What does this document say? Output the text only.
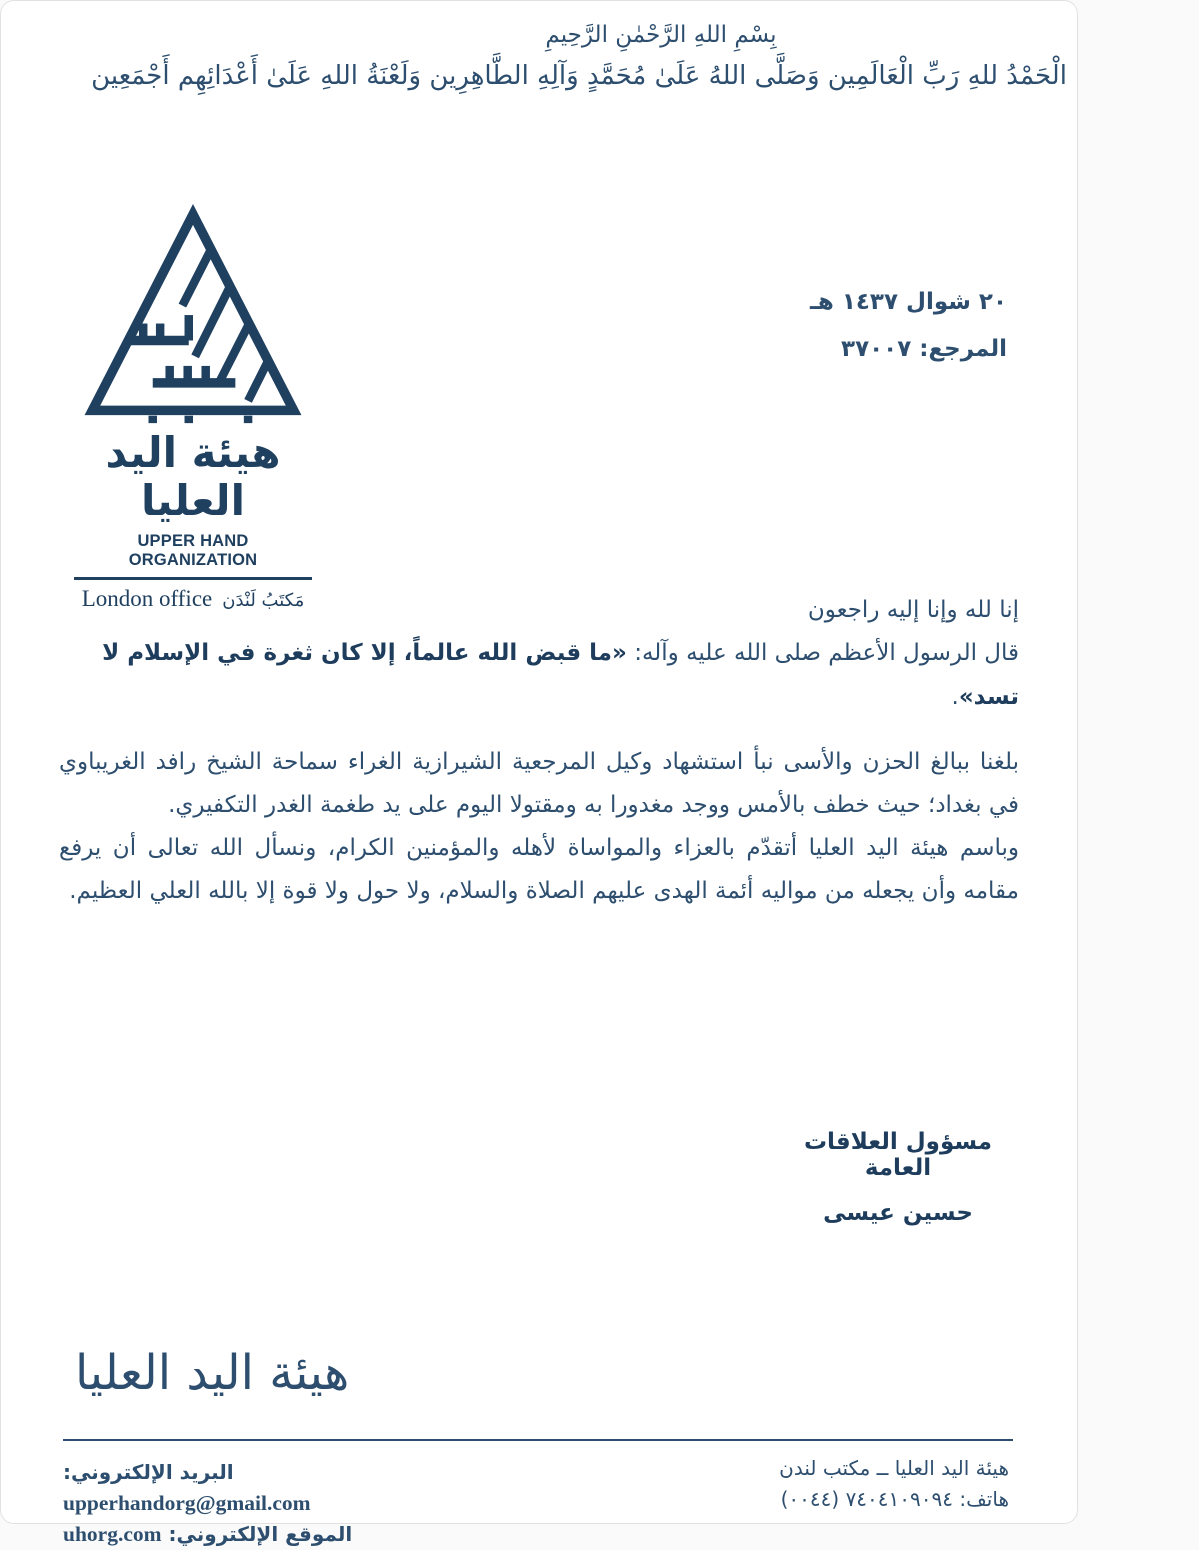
بِسْمِ اللهِ الرَّحْمٰنِ الرَّحِيمِ
الْحَمْدُ للهِ رَبِّ الْعَالَمِين وَصَلَّى اللهُ عَلَىٰ مُحَمَّدٍ وَآلِهِ الطَّاهِرِين وَلَعْنَةُ اللهِ عَلَىٰ أَعْدَائِهِم أَجْمَعِين
هيئة اليد العليا
UPPER HAND ORGANIZATION
London office مَكتَبُ لَنْدَن
٢٠ شوال ١٤٣٧ هـ
المرجع: ٣٧٠٠٧
إنا لله وإنا إليه راجعون
قال الرسول الأعظم صلى الله عليه وآله: «ما قبض الله عالماً، إلا كان ثغرة في الإسلام لا تسد».

بلغنا ببالغ الحزن والأسى نبأ استشهاد وكيل المرجعية الشيرازية الغراء سماحة الشيخ رافد الغريباوي في بغداد؛ حيث خطف بالأمس ووجد مغدورا به ومقتولا اليوم على يد طغمة الغدر التكفيري.

وباسم هيئة اليد العليا أتقدّم بالعزاء والمواساة لأهله والمؤمنين الكرام، ونسأل الله تعالى أن يرفع مقامه وأن يجعله من مواليه أئمة الهدى عليهم الصلاة والسلام، ولا حول ولا قوة إلا بالله العلي العظيم.

مسؤول العلاقات العامة
حسين عيسى
هيئة اليد العليا
البريد الإلكتروني: upperhandorg@gmail.com
الموقع الإلكتروني: uhorg.com
هيئة اليد العليا ــ مكتب لندن
هاتف: ٧٤٠٤١٠٩٠٩٤ (٠٠٤٤)
